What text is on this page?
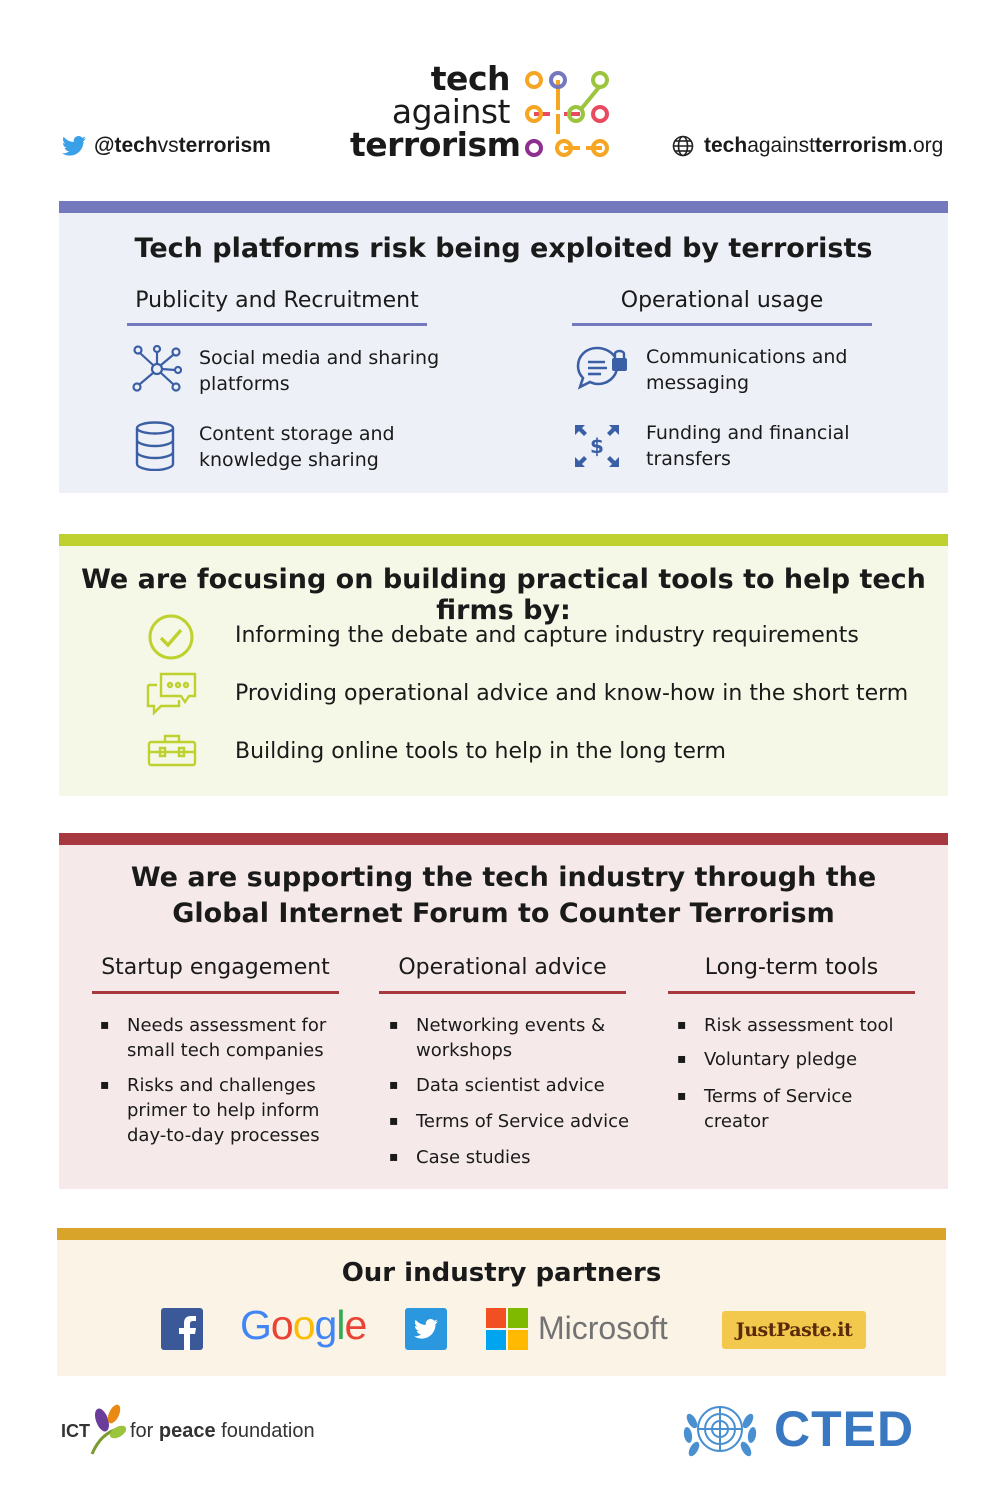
@techvsterrorism
tech
against
terrorism	techagainstterrorism.org
Tech platforms risk being exploited by terrorists
Publicity and Recruitment	Operational usage
Social media and sharing
platforms
Content storage and
knowledge sharing
Communications and
messaging
$
Funding and financial
transfers
We are focusing on building practical tools to help tech firms by:
Informing the debate and capture industry requirements
Providing operational advice and know-how in the short term
Building online tools to help in the long term
We are supporting the tech industry through the
Global Internet Forum to Counter Terrorism
Startup engagement
▪ Needs assessment for
small tech companies
▪ Risks and challenges
primer to help inform
day-to-day processes
Operational advice
▪ Networking events &
workshops
▪ Data scientist advice
▪ Terms of Service advice
▪ Case studies
Long-term tools
▪ Risk assessment tool
▪ Voluntary pledge
▪ Terms of Service
creator
Our industry partners
Google	Microsoft	JustPaste.it
ICT for peace foundation	CTED
